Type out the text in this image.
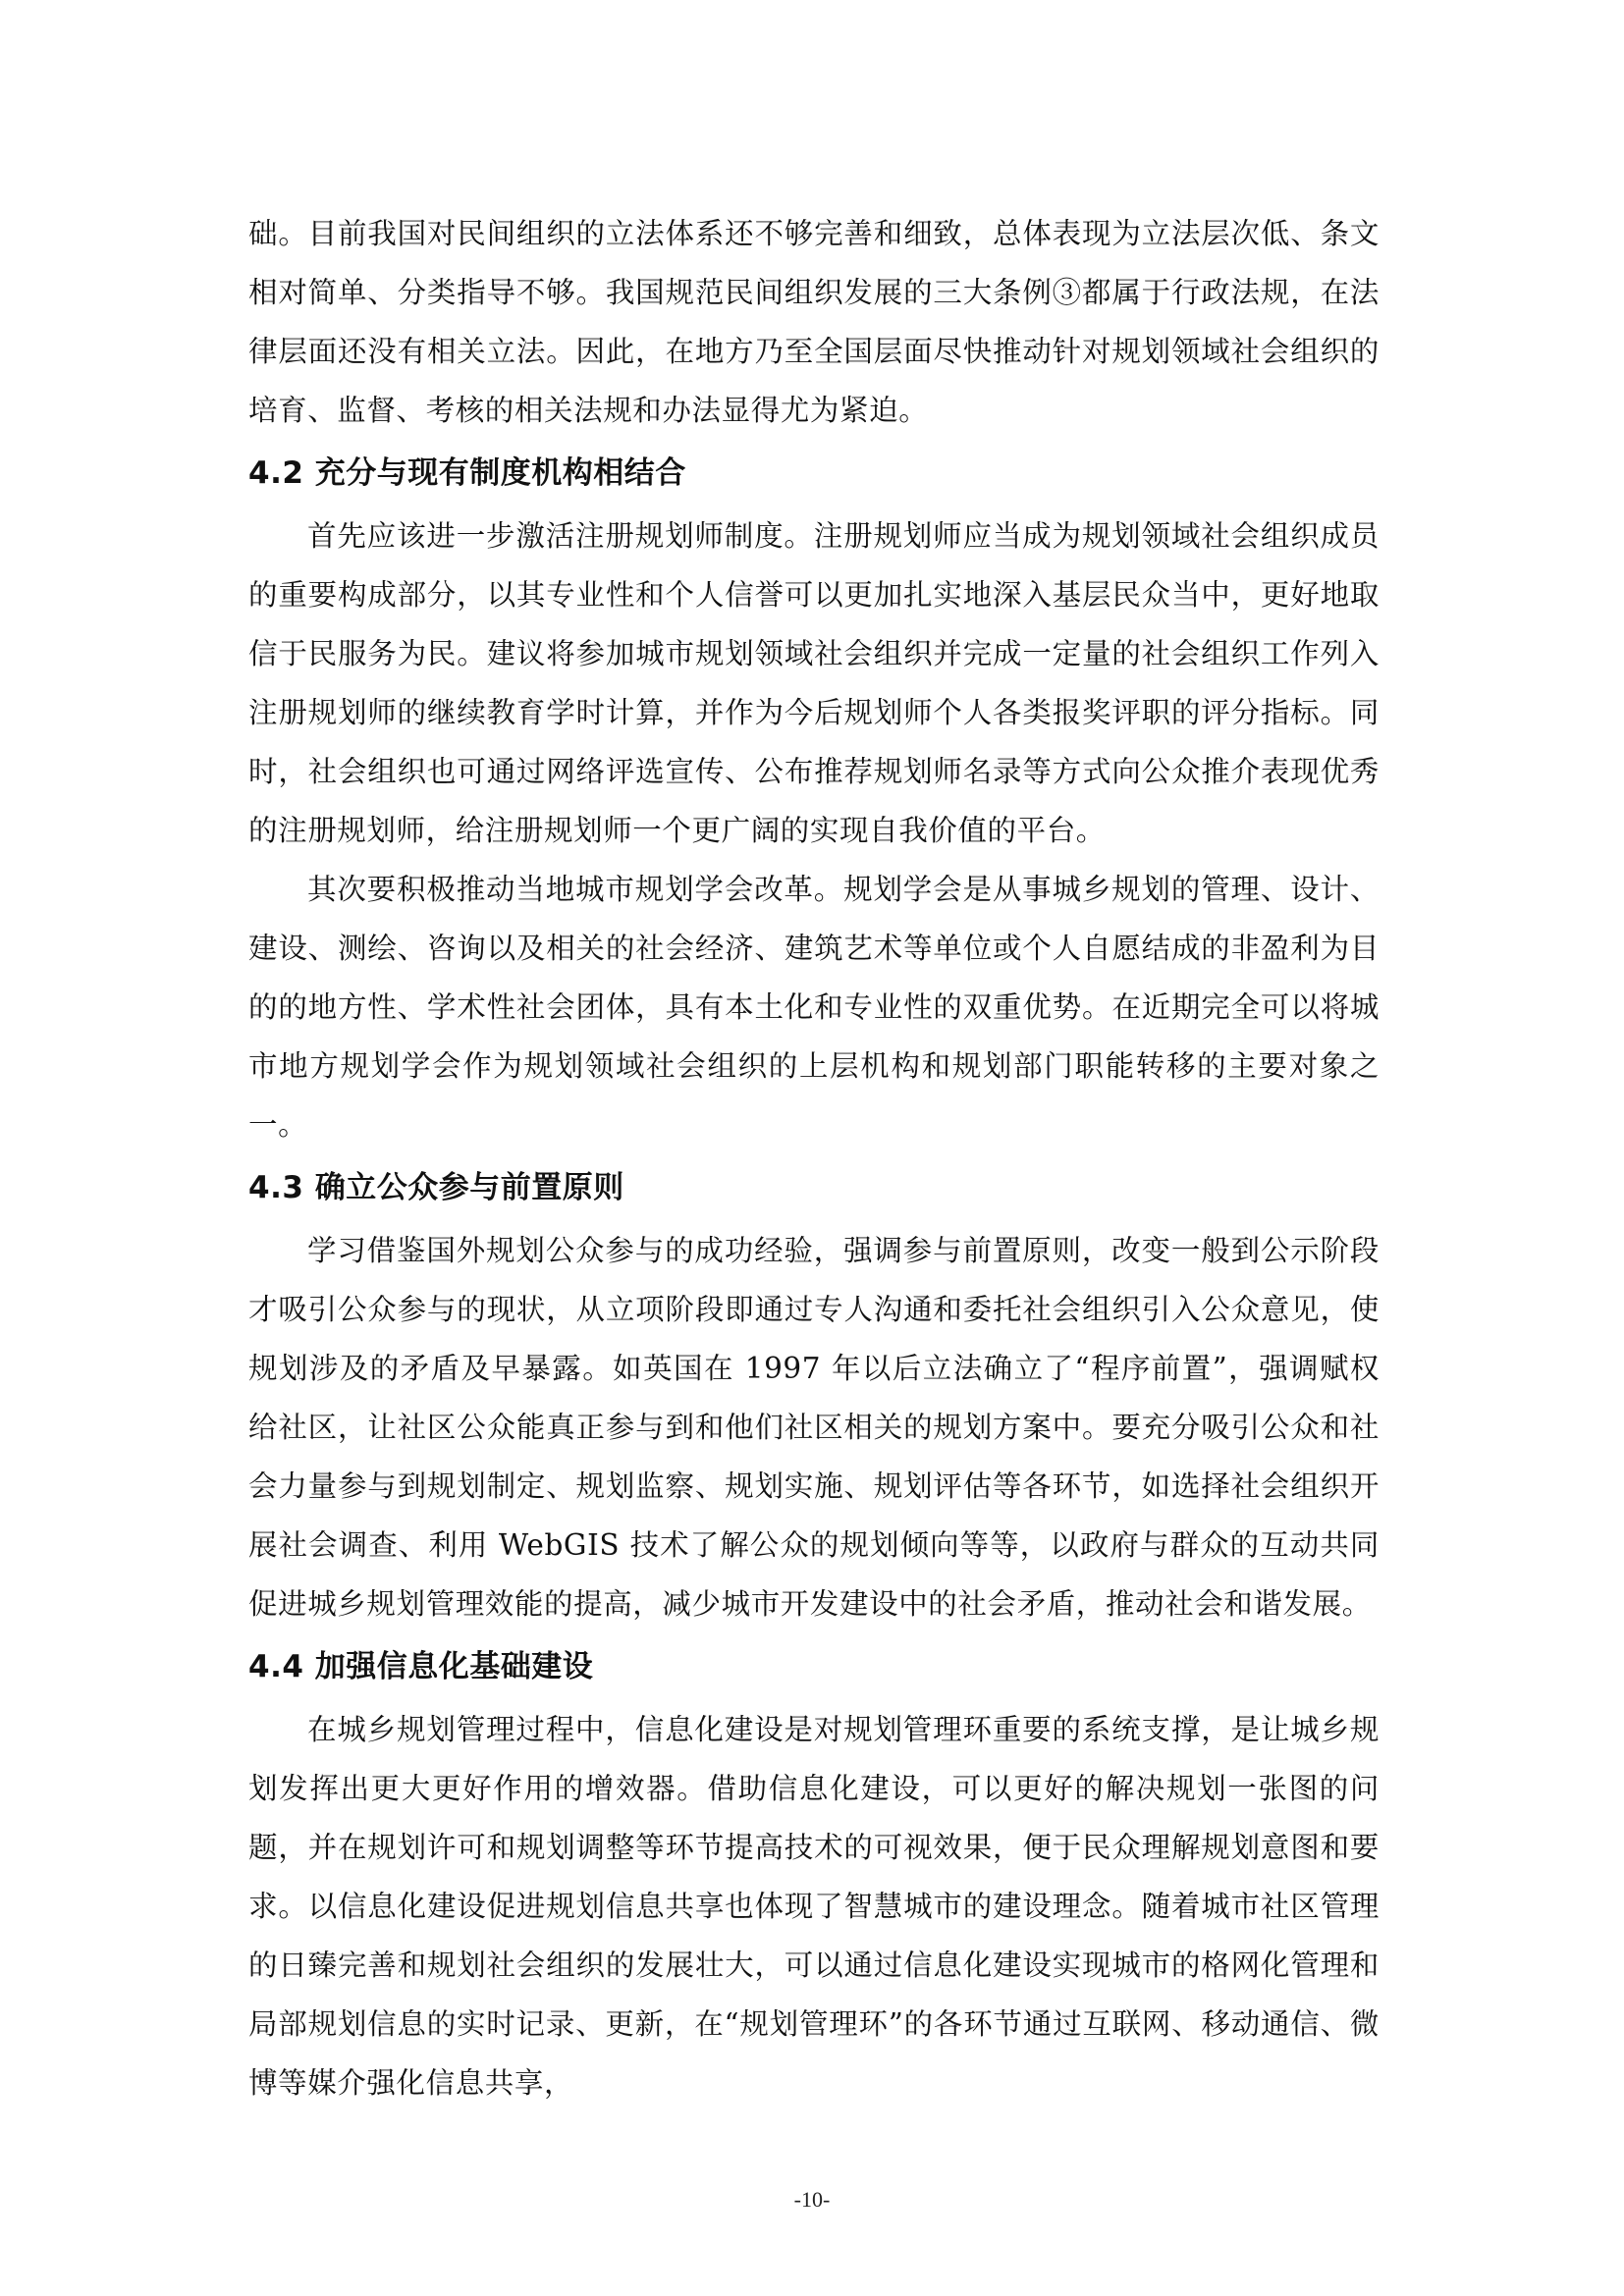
础。目前我国对民间组织的立法体系还不够完善和细致，总体表现为立法层次低、条文相对简单、分类指导不够。我国规范民间组织发展的三大条例③都属于行政法规，在法律层面还没有相关立法。因此，在地方乃至全国层面尽快推动针对规划领域社会组织的培育、监督、考核的相关法规和办法显得尤为紧迫。

4.2 充分与现有制度机构相结合

首先应该进一步激活注册规划师制度。注册规划师应当成为规划领域社会组织成员的重要构成部分，以其专业性和个人信誉可以更加扎实地深入基层民众当中，更好地取信于民服务为民。建议将参加城市规划领域社会组织并完成一定量的社会组织工作列入注册规划师的继续教育学时计算，并作为今后规划师个人各类报奖评职的评分指标。同时，社会组织也可通过网络评选宣传、公布推荐规划师名录等方式向公众推介表现优秀的注册规划师，给注册规划师一个更广阔的实现自我价值的平台。

其次要积极推动当地城市规划学会改革。规划学会是从事城乡规划的管理、设计、建设、测绘、咨询以及相关的社会经济、建筑艺术等单位或个人自愿结成的非盈利为目的的地方性、学术性社会团体，具有本土化和专业性的双重优势。在近期完全可以将城市地方规划学会作为规划领域社会组织的上层机构和规划部门职能转移的主要对象之一。

4.3 确立公众参与前置原则

学习借鉴国外规划公众参与的成功经验，强调参与前置原则，改变一般到公示阶段才吸引公众参与的现状，从立项阶段即通过专人沟通和委托社会组织引入公众意见，使规划涉及的矛盾及早暴露。如英国在 1997 年以后立法确立了“程序前置”，强调赋权给社区，让社区公众能真正参与到和他们社区相关的规划方案中。要充分吸引公众和社会力量参与到规划制定、规划监察、规划实施、规划评估等各环节，如选择社会组织开展社会调查、利用 WebGIS 技术了解公众的规划倾向等等，以政府与群众的互动共同促进城乡规划管理效能的提高，减少城市开发建设中的社会矛盾，推动社会和谐发展。

4.4 加强信息化基础建设

在城乡规划管理过程中，信息化建设是对规划管理环重要的系统支撑，是让城乡规划发挥出更大更好作用的增效器。借助信息化建设，可以更好的解决规划一张图的问题，并在规划许可和规划调整等环节提高技术的可视效果，便于民众理解规划意图和要求。以信息化建设促进规划信息共享也体现了智慧城市的建设理念。随着城市社区管理的日臻完善和规划社会组织的发展壮大，可以通过信息化建设实现城市的格网化管理和局部规划信息的实时记录、更新，在“规划管理环”的各环节通过互联网、移动通信、微博等媒介强化信息共享，

-10-
